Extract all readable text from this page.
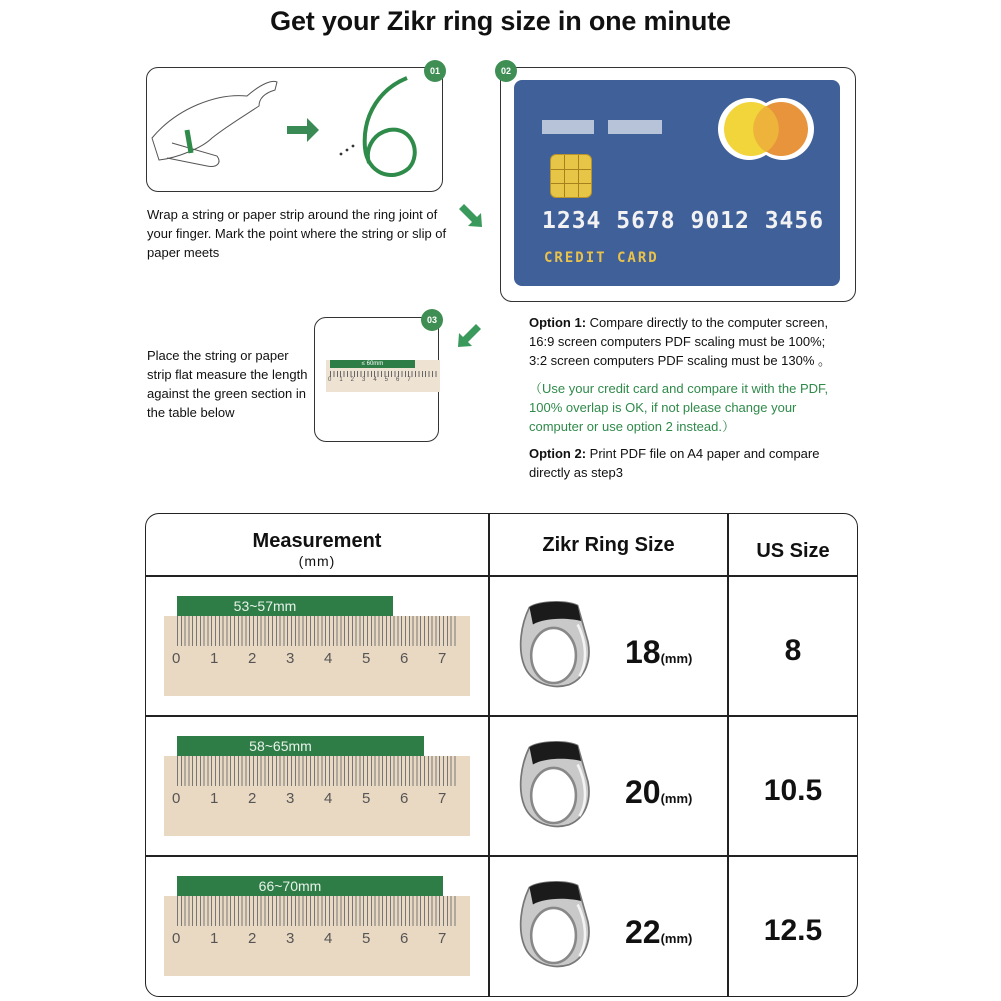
Get your Zikr ring size in one minute
01
Wrap a string or paper strip around the ring joint of your finger. Mark the point where the string or slip of paper meets
02
1234 5678 9012 3456
CREDIT CARD
03
≤ 60mm
01234567
Place the string or paper strip flat measure the length against the green section in the table below
Option 1: Compare directly to the computer screen, 16:9 screen computers PDF scaling must be 100%; 3:2 screen computers PDF scaling must be 130% 。
（Use your credit card and compare it with the PDF, 100% overlap is OK, if not please change your computer or use option 2 instead.）
Option 2: Print PDF file on A4 paper and compare directly as step3
Measurement
(mm)
Zikr Ring Size	US Size
53~57mm
0 1 2 3 4 5 6 7	18(mm)	8
58~65mm
0 1 2 3 4 5 6 7	20(mm)	10.5
66~70mm
0 1 2 3 4 5 6 7	22(mm)	12.5
